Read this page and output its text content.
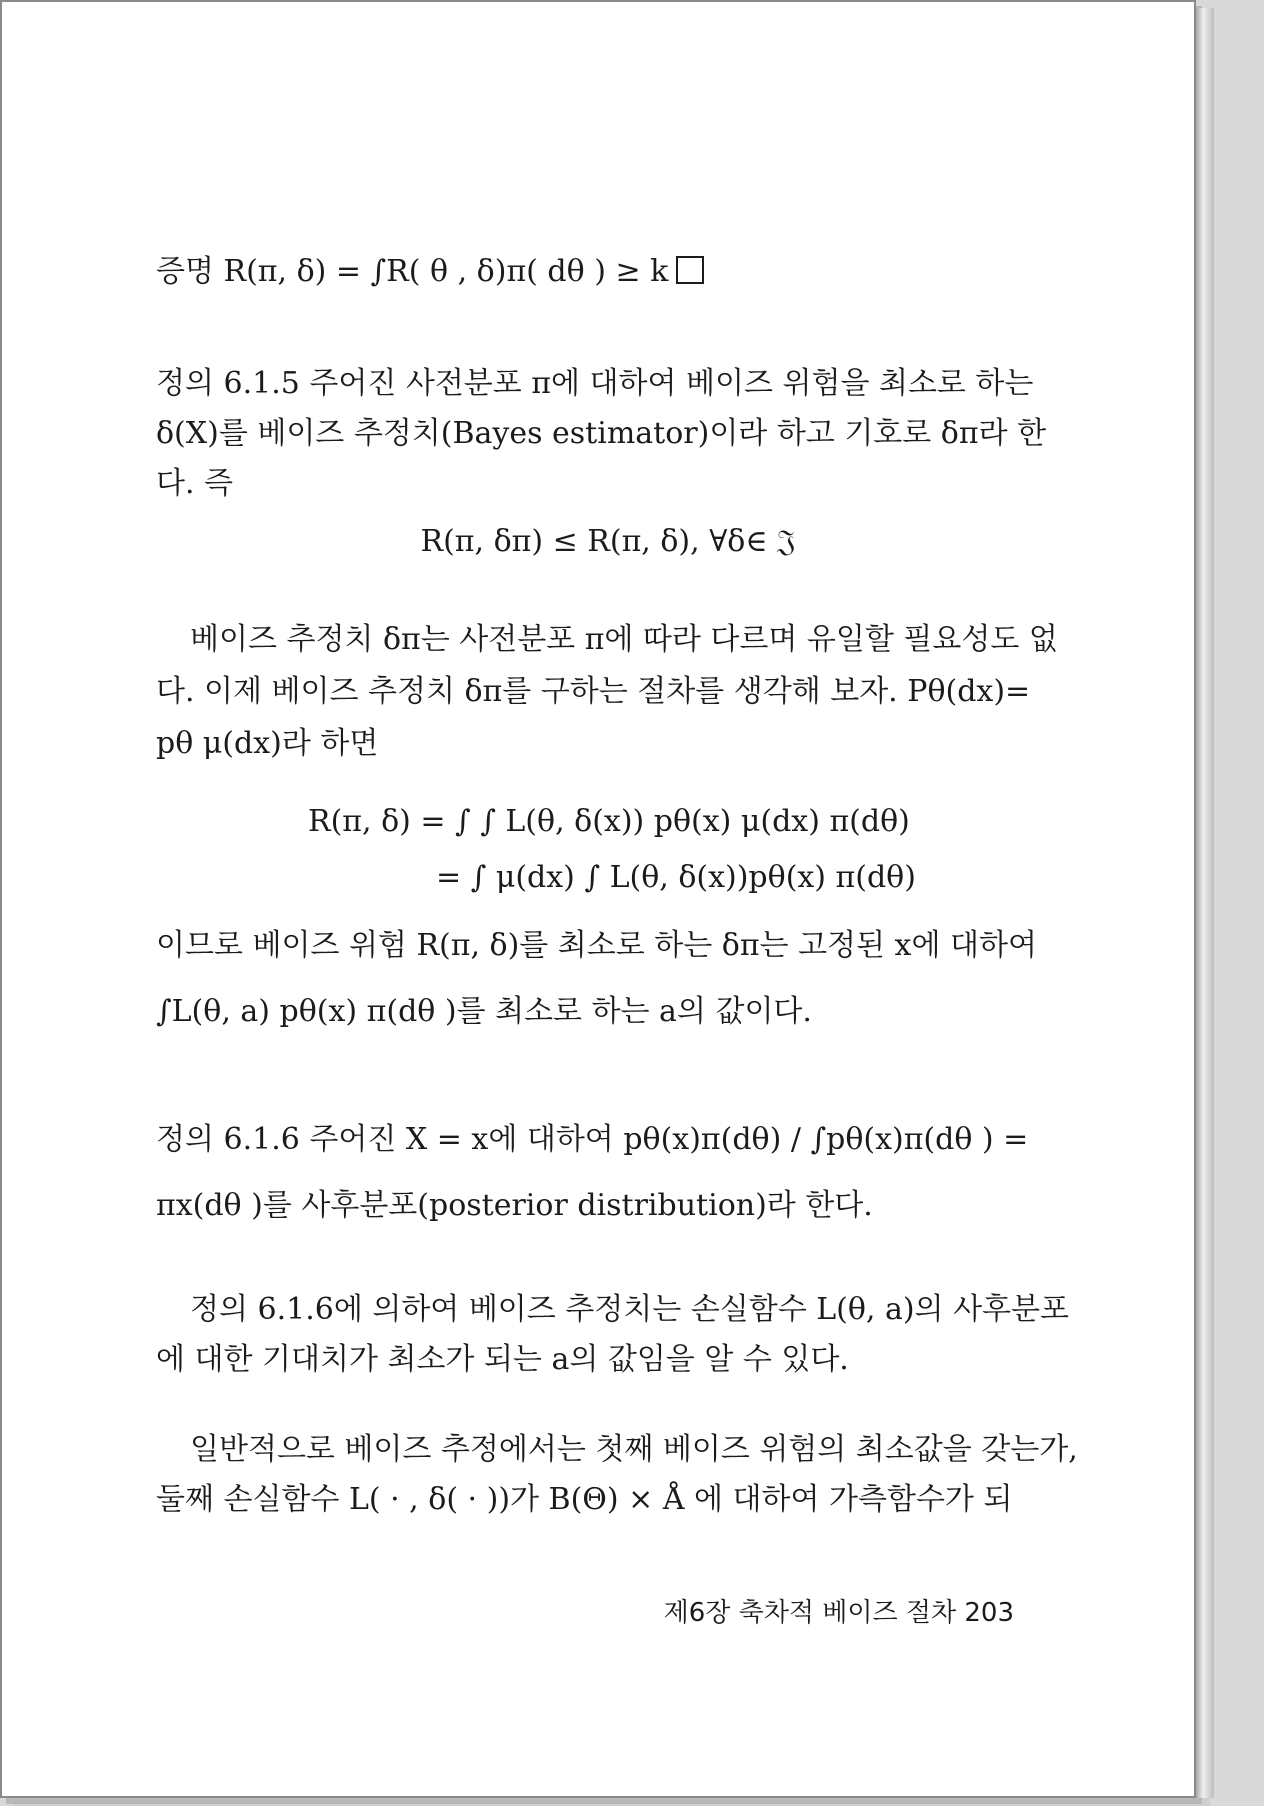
증명 R(π, δ) = ∫R( θ , δ)π( dθ ) ≥ k
정의 6.1.5 주어진 사전분포 π에 대하여 베이즈 위험을 최소로 하는
δ(X)를 베이즈 추정치(Bayes estimator)이라 하고 기호로 δπ라 한
다. 즉
R(π, δπ) ≤ R(π, δ), ∀δ∈ 𝔍
베이즈 추정치 δπ는 사전분포 π에 따라 다르며 유일할 필요성도 없
다. 이제 베이즈 추정치 δπ를 구하는 절차를 생각해 보자. Pθ(dx)=
pθ μ(dx)라 하면
R(π, δ) = ∫ ∫ L(θ, δ(x)) pθ(x) μ(dx) π(dθ)
= ∫ μ(dx) ∫ L(θ, δ(x))pθ(x) π(dθ)
이므로 베이즈 위험 R(π, δ)를 최소로 하는 δπ는 고정된 x에 대하여
∫L(θ, a) pθ(x) π(dθ )를 최소로 하는 a의 값이다.
정의 6.1.6 주어진 X = x에 대하여 pθ(x)π(dθ) / ∫pθ(x)π(dθ ) =
πx(dθ )를 사후분포(posterior distribution)라 한다.
정의 6.1.6에 의하여 베이즈 추정치는 손실함수 L(θ, a)의 사후분포
에 대한 기대치가 최소가 되는 a의 값임을 알 수 있다.
일반적으로 베이즈 추정에서는 첫째 베이즈 위험의 최소값을 갖는가,
둘째 손실함수 L( · , δ( · ))가 B(Θ) × Å 에 대하여 가측함수가 되
제6장 축차적 베이즈 절차 203
